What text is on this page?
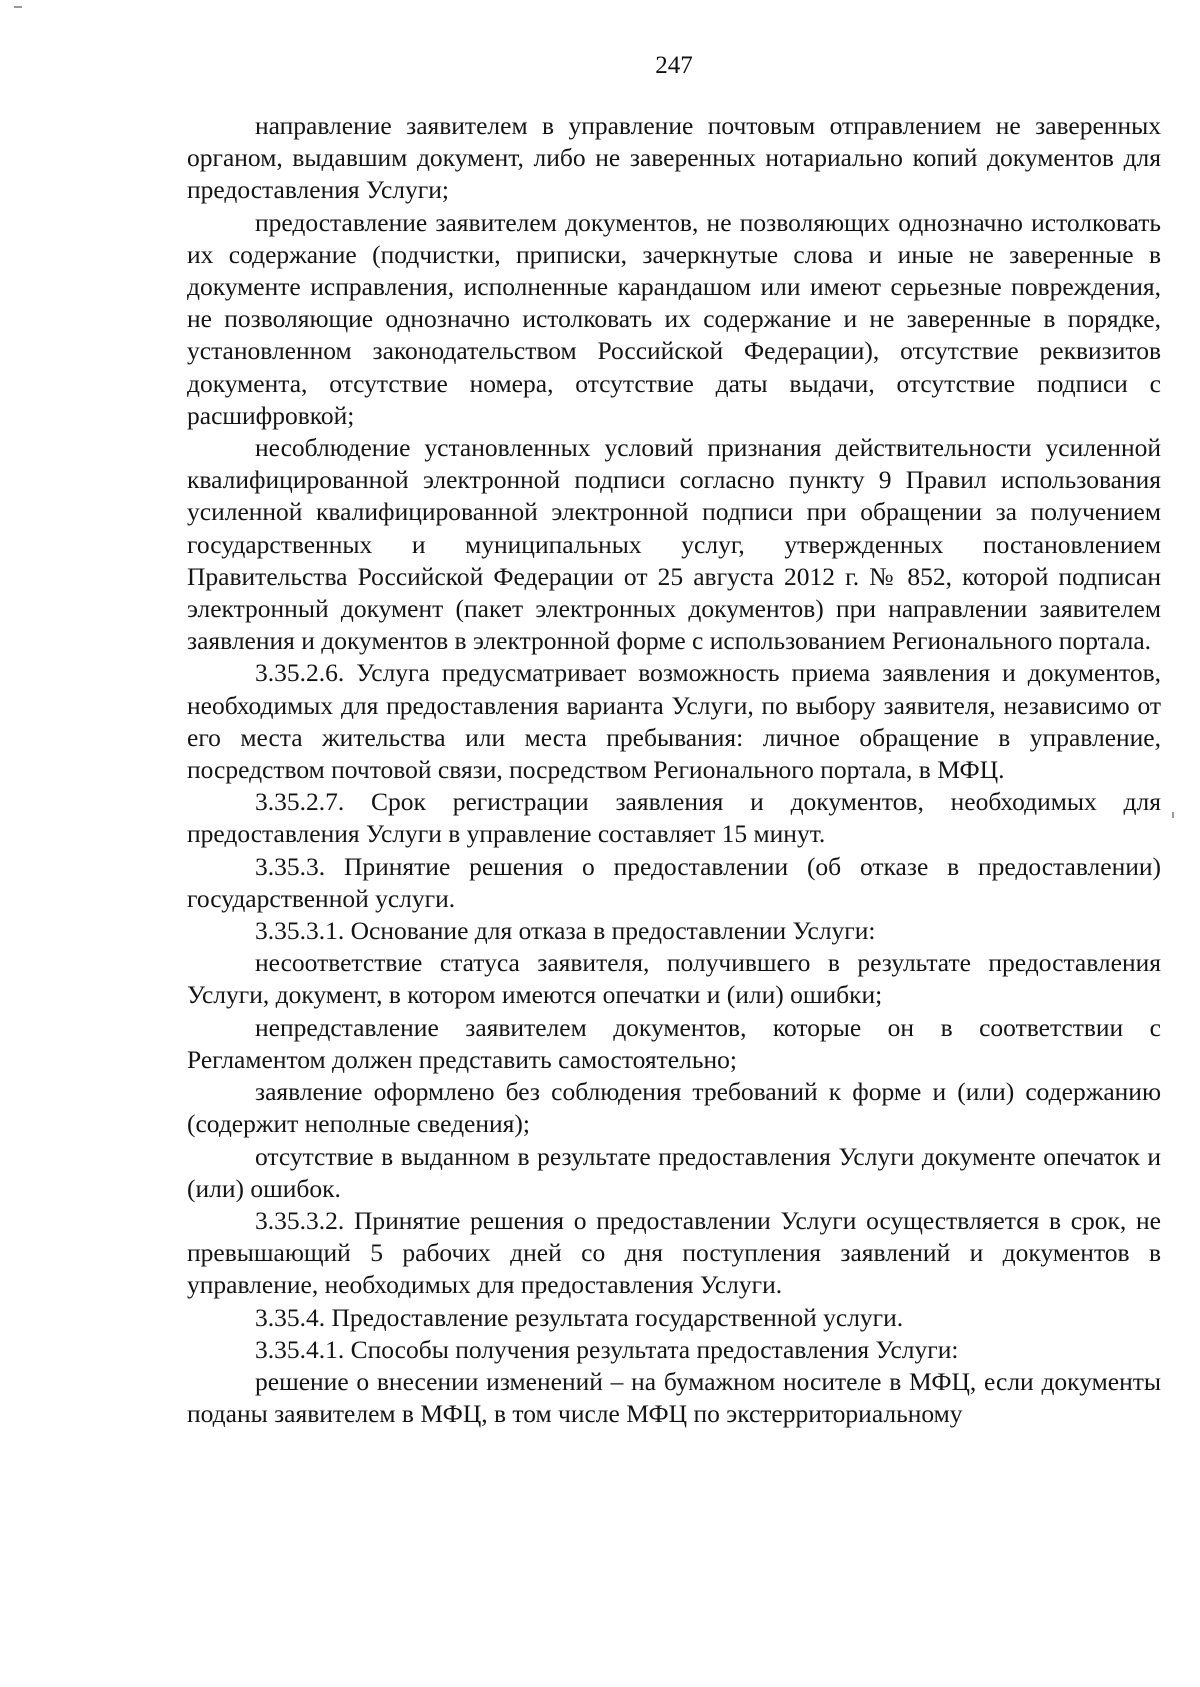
247

направление заявителем в управление почтовым отправлением не заверенных органом, выдавшим документ, либо не заверенных нотариально копий документов для предоставления Услуги;

предоставление заявителем документов, не позволяющих однозначно истолковать их содержание (подчистки, приписки, зачеркнутые слова и иные не заверенные в документе исправления, исполненные карандашом или имеют серьезные повреждения, не позволяющие однозначно истолковать их содержание и не заверенные в порядке, установленном законодательством Российской Федерации), отсутствие реквизитов документа, отсутствие номера, отсутствие даты выдачи, отсутствие подписи с расшифровкой;

несоблюдение установленных условий признания действительности усиленной квалифицированной электронной подписи согласно пункту 9 Правил использования усиленной квалифицированной электронной подписи при обращении за получением государственных и муниципальных услуг, утвержденных постановлением Правительства Российской Федерации от 25 августа 2012 г. № 852, которой подписан электронный документ (пакет электронных документов) при направлении заявителем заявления и документов в электронной форме с использованием Регионального портала.

3.35.2.6. Услуга предусматривает возможность приема заявления и документов, необходимых для предоставления варианта Услуги, по выбору заявителя, независимо от его места жительства или места пребывания: личное обращение в управление, посредством почтовой связи, посредством Регионального портала, в МФЦ.

3.35.2.7. Срок регистрации заявления и документов, необходимых для предоставления Услуги в управление составляет 15 минут.

3.35.3. Принятие решения о предоставлении (об отказе в предоставлении) государственной услуги.

3.35.3.1. Основание для отказа в предоставлении Услуги:

несоответствие статуса заявителя, получившего в результате предоставления Услуги, документ, в котором имеются опечатки и (или) ошибки;

непредставление заявителем документов, которые он в соответствии с Регламентом должен представить самостоятельно;

заявление оформлено без соблюдения требований к форме и (или) содержанию (содержит неполные сведения);

отсутствие в выданном в результате предоставления Услуги документе опечаток и (или) ошибок.

3.35.3.2. Принятие решения о предоставлении Услуги осуществляется в срок, не превышающий 5 рабочих дней со дня поступления заявлений и документов в управление, необходимых для предоставления Услуги.

3.35.4. Предоставление результата государственной услуги.

3.35.4.1. Способы получения результата предоставления Услуги:

решение о внесении изменений – на бумажном носителе в МФЦ, если документы поданы заявителем в МФЦ, в том числе МФЦ по экстерриториальному
